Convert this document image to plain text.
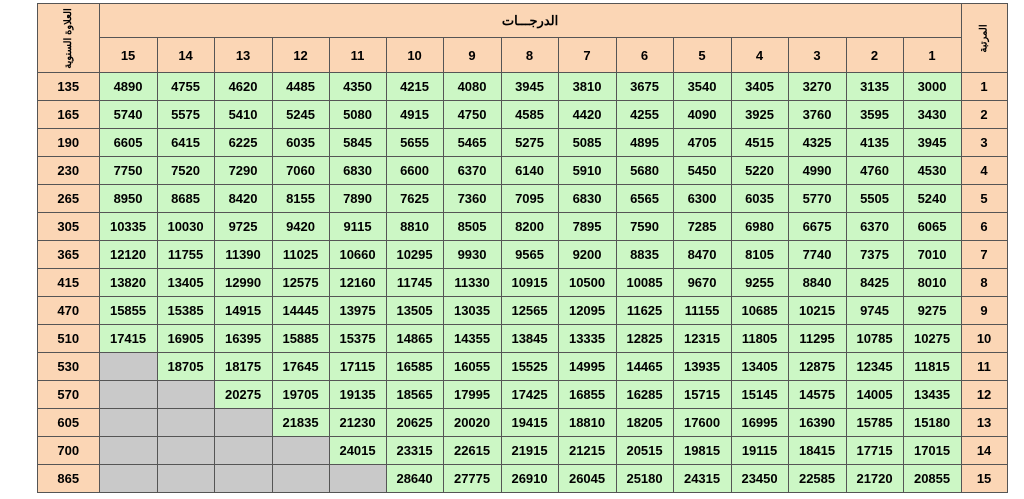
العلاوة السنوية	الدرجـــات															المرتبة
	15	14	13	12	11	10	9	8	7	6	5	4	3	2	1	
135	4890	4755	4620	4485	4350	4215	4080	3945	3810	3675	3540	3405	3270	3135	3000	1
165	5740	5575	5410	5245	5080	4915	4750	4585	4420	4255	4090	3925	3760	3595	3430	2
190	6605	6415	6225	6035	5845	5655	5465	5275	5085	4895	4705	4515	4325	4135	3945	3
230	7750	7520	7290	7060	6830	6600	6370	6140	5910	5680	5450	5220	4990	4760	4530	4
265	8950	8685	8420	8155	7890	7625	7360	7095	6830	6565	6300	6035	5770	5505	5240	5
305	10335	10030	9725	9420	9115	8810	8505	8200	7895	7590	7285	6980	6675	6370	6065	6
365	12120	11755	11390	11025	10660	10295	9930	9565	9200	8835	8470	8105	7740	7375	7010	7
415	13820	13405	12990	12575	12160	11745	11330	10915	10500	10085	9670	9255	8840	8425	8010	8
470	15855	15385	14915	14445	13975	13505	13035	12565	12095	11625	11155	10685	10215	9745	9275	9
510	17415	16905	16395	15885	15375	14865	14355	13845	13335	12825	12315	11805	11295	10785	10275	10
530		18705	18175	17645	17115	16585	16055	15525	14995	14465	13935	13405	12875	12345	11815	11
570			20275	19705	19135	18565	17995	17425	16855	16285	15715	15145	14575	14005	13435	12
605				21835	21230	20625	20020	19415	18810	18205	17600	16995	16390	15785	15180	13
700					24015	23315	22615	21915	21215	20515	19815	19115	18415	17715	17015	14
865						28640	27775	26910	26045	25180	24315	23450	22585	21720	20855	15
